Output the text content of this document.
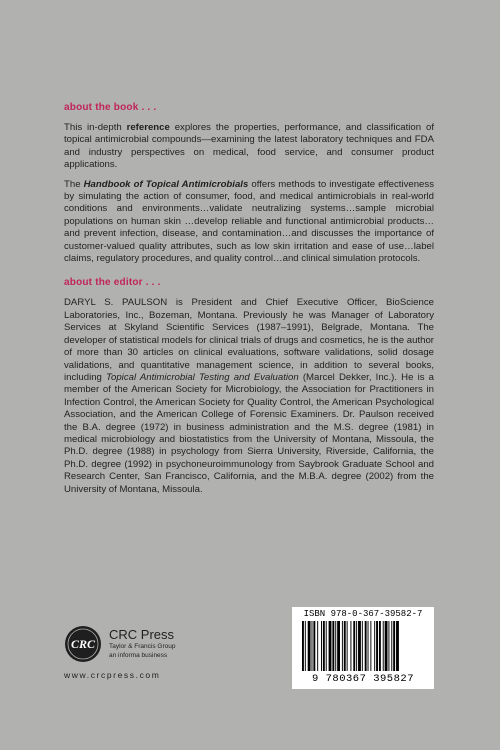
about the book . . .

This in-depth reference explores the properties, performance, and classification of topical antimicrobial compounds—examining the latest laboratory techniques and FDA and industry perspectives on medical, food service, and consumer product applications.

The Handbook of Topical Antimicrobials offers methods to investigate effectiveness by simulating the action of consumer, food, and medical antimicrobials in real-world conditions and environments…validate neutralizing systems…sample microbial populations on human skin …develop reliable and functional antimicrobial products…and prevent infection, disease, and contamination…and discusses the importance of customer-valued quality attributes, such as low skin irritation and ease of use…label claims, regulatory procedures, and quality control…and clinical simulation protocols.

about the editor . . .

DARYL S. PAULSON is President and Chief Executive Officer, BioScience Laboratories, Inc., Bozeman, Montana. Previously he was Manager of Laboratory Services at Skyland Scientific Services (1987–1991), Belgrade, Montana. The developer of statistical models for clinical trials of drugs and cosmetics, he is the author of more than 30 articles on clinical evaluations, software validations, solid dosage validations, and quantitative management science, in addition to several books, including Topical Antimicrobial Testing and Evaluation (Marcel Dekker, Inc.). He is a member of the American Society for Microbiology, the Association for Practitioners in Infection Control, the American Society for Quality Control, the American Psychological Association, and the American College of Forensic Examiners. Dr. Paulson received the B.A. degree (1972) in business administration and the M.S. degree (1981) in medical microbiology and biostatistics from the University of Montana, Missoula, the Ph.D. degree (1988) in psychology from Sierra University, Riverside, California, the Ph.D. degree (1992) in psychoneuroimmunology from Saybrook Graduate School and Research Center, San Francisco, California, and the M.B.A. degree (2002) from the University of Montana, Missoula.

CRC
CRC Press
Taylor & Francis Group
an informa business
www.crcpress.com
ISBN 978-0-367-39582-7
9 780367 395827
